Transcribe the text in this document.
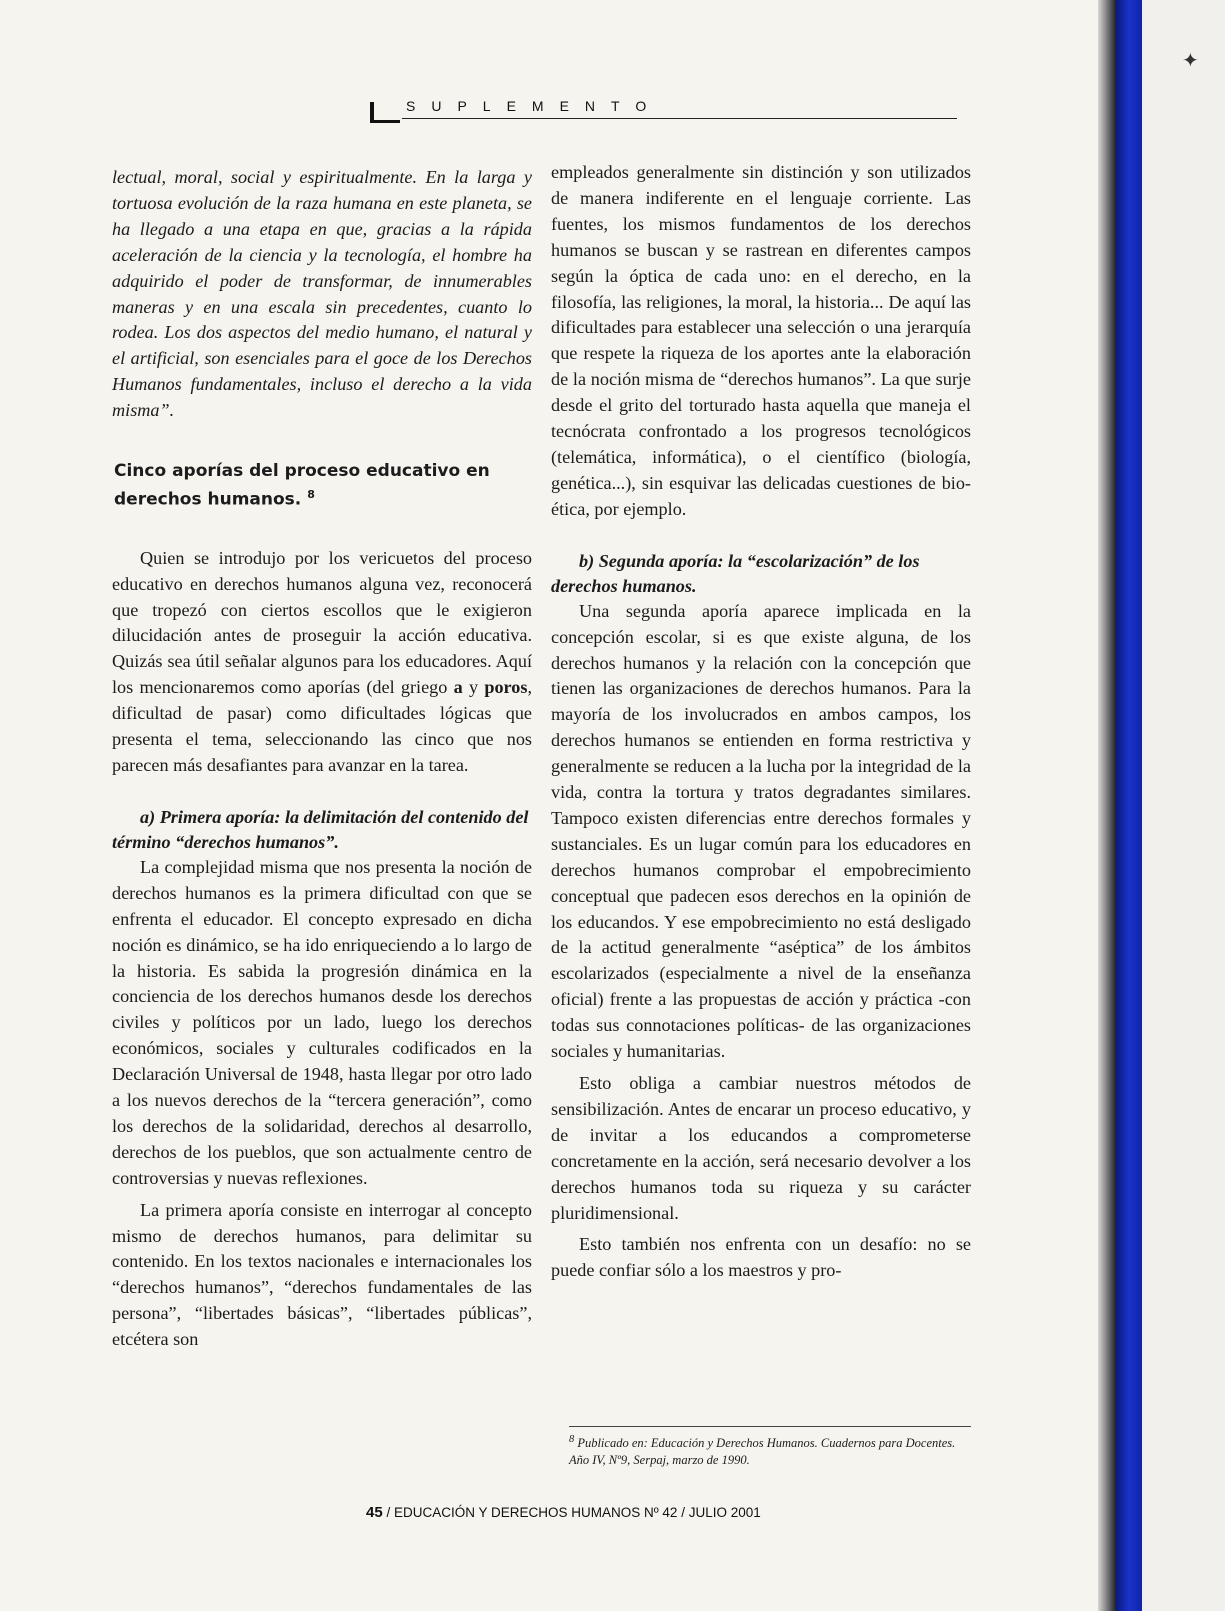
✦
SUPLEMENTO

lectual, moral, social y espiritualmente. En la larga y tortuosa evolución de la raza humana en este planeta, se ha llegado a una etapa en que, gracias a la rápida aceleración de la ciencia y la tecnología, el hombre ha adquirido el poder de transformar, de innumerables maneras y en una escala sin precedentes, cuanto lo rodea. Los dos aspectos del medio humano, el natural y el artificial, son esenciales para el goce de los Derechos Humanos fundamentales, incluso el derecho a la vida misma”.

Cinco aporías del proceso educativo en derechos humanos. $^8$

Quien se introdujo por los vericuetos del proceso educativo en derechos humanos alguna vez, reconocerá que tropezó con ciertos escollos que le exigieron dilucidación antes de proseguir la acción educativa. Quizás sea útil señalar algunos para los educadores. Aquí los mencionaremos como aporías (del griego a y poros, dificultad de pasar) como dificultades lógicas que presenta el tema, seleccionando las cinco que nos parecen más desafiantes para avanzar en la tarea.

a) Primera aporía: la delimitación del contenido del término “derechos humanos”.

La complejidad misma que nos presenta la noción de derechos humanos es la primera dificultad con que se enfrenta el educador. El concepto expresado en dicha noción es dinámico, se ha ido enriqueciendo a lo largo de la historia. Es sabida la progresión dinámica en la conciencia de los derechos humanos desde los derechos civiles y políticos por un lado, luego los derechos económicos, sociales y culturales codificados en la Declaración Universal de 1948, hasta llegar por otro lado a los nuevos derechos de la “tercera generación”, como los derechos de la solidaridad, derechos al desarrollo, derechos de los pueblos, que son actualmente centro de controversias y nuevas reflexiones.

La primera aporía consiste en interrogar al concepto mismo de derechos humanos, para delimitar su contenido. En los textos nacionales e internacionales los “derechos humanos”, “derechos fundamentales de las persona”, “libertades básicas”, “libertades públicas”, etcétera son

empleados generalmente sin distinción y son utilizados de manera indiferente en el lenguaje corriente. Las fuentes, los mismos fundamentos de los derechos humanos se buscan y se rastrean en diferentes campos según la óptica de cada uno: en el derecho, en la filosofía, las religiones, la moral, la historia... De aquí las dificultades para establecer una selección o una jerarquía que respete la riqueza de los aportes ante la elaboración de la noción misma de “derechos humanos”. La que surje desde el grito del torturado hasta aquella que maneja el tecnócrata confrontado a los progresos tecnológicos (telemática, informática), o el científico (biología, genética...), sin esquivar las delicadas cuestiones de bio-ética, por ejemplo.

b) Segunda aporía: la “escolarización” de los derechos humanos.

Una segunda aporía aparece implicada en la concepción escolar, si es que existe alguna, de los derechos humanos y la relación con la concepción que tienen las organizaciones de derechos humanos. Para la mayoría de los involucrados en ambos campos, los derechos humanos se entienden en forma restrictiva y generalmente se reducen a la lucha por la integridad de la vida, contra la tortura y tratos degradantes similares. Tampoco existen diferencias entre derechos formales y sustanciales. Es un lugar común para los educadores en derechos humanos comprobar el empobrecimiento conceptual que padecen esos derechos en la opinión de los educandos. Y ese empobrecimiento no está desligado de la actitud generalmente “aséptica” de los ámbitos escolarizados (especialmente a nivel de la enseñanza oficial) frente a las propuestas de acción y práctica -con todas sus connotaciones políticas- de las organizaciones sociales y humanitarias.

Esto obliga a cambiar nuestros métodos de sensibilización. Antes de encarar un proceso educativo, y de invitar a los educandos a comprometerse concretamente en la acción, será necesario devolver a los derechos humanos toda su riqueza y su carácter pluridimensional.

Esto también nos enfrenta con un desafío: no se puede confiar sólo a los maestros y pro-

$^8$ Publicado en: Educación y Derechos Humanos. Cuadernos para Docentes. Año IV, Nº9, Serpaj, marzo de 1990.
45 / EDUCACIÓN Y DERECHOS HUMANOS Nº 42 / JULIO 2001
